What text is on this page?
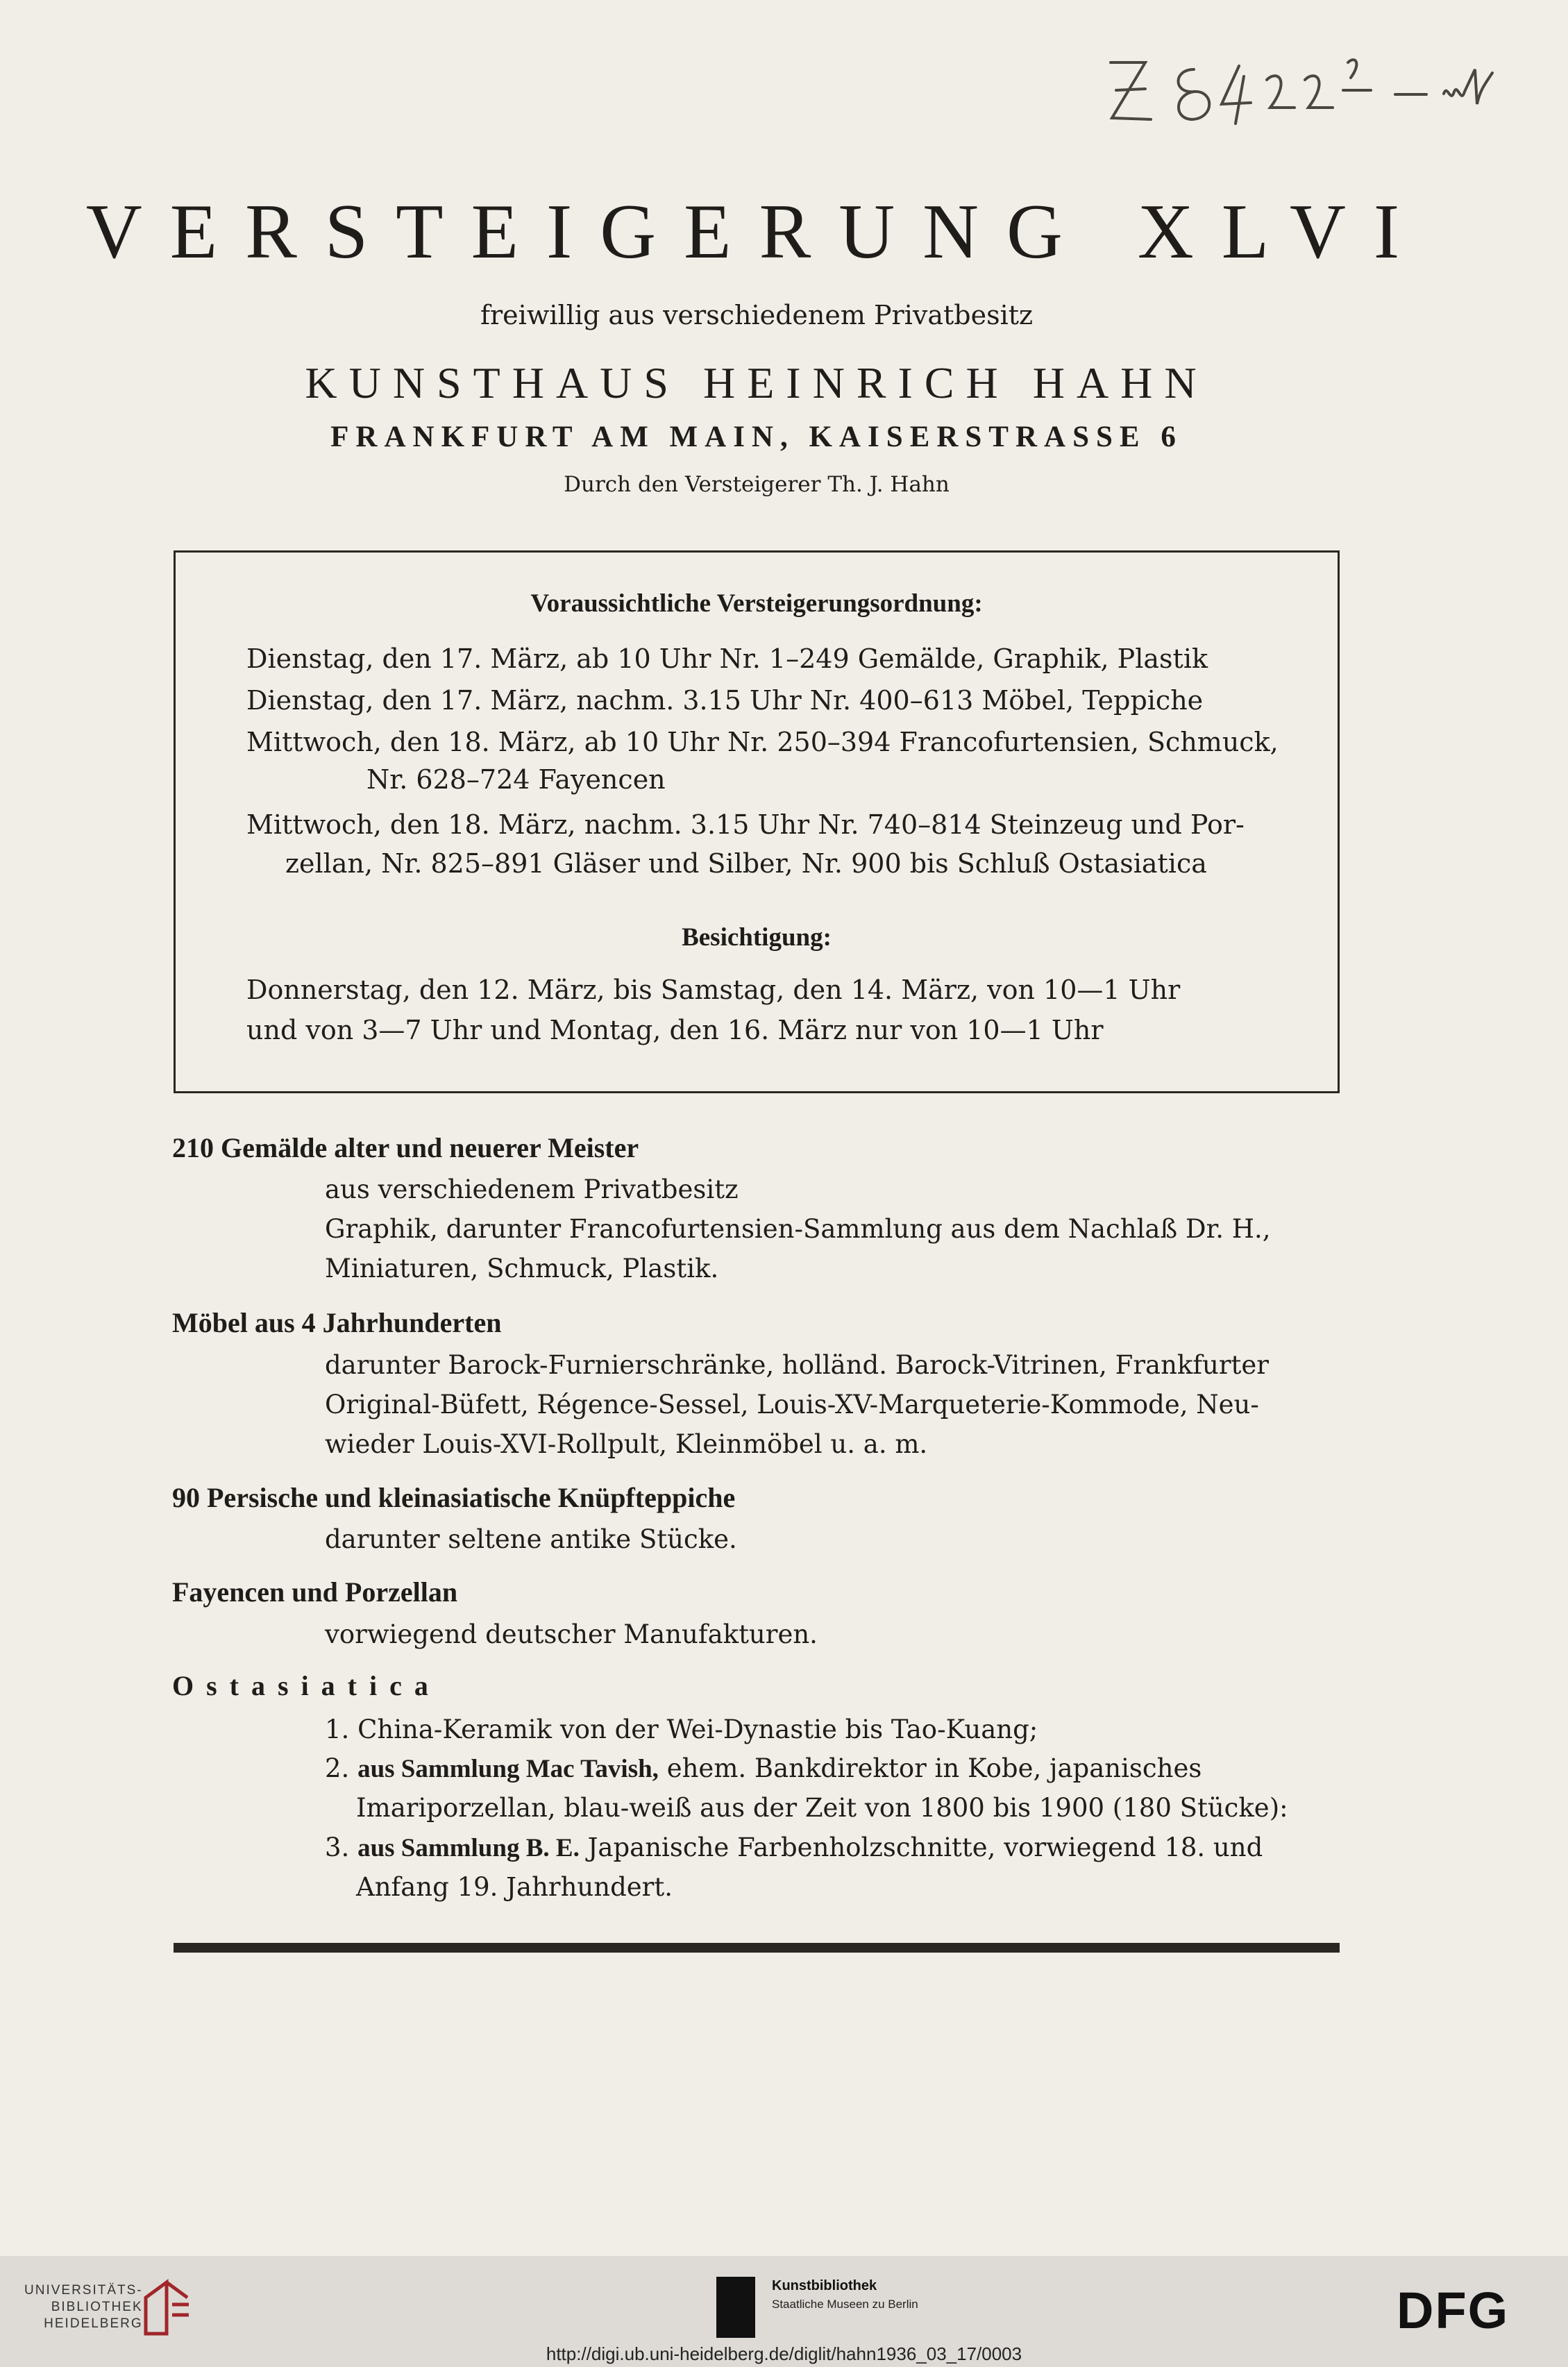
VERSTEIGERUNG XLVI
freiwillig aus verschiedenem Privatbesitz
KUNSTHAUS HEINRICH HAHN
FRANKFURT AM MAIN, KAISERSTRASSE 6
Durch den Versteigerer Th. J. Hahn
Voraussichtliche Versteigerungsordnung:
Dienstag, den 17. März, ab 10 Uhr Nr. 1–249 Gemälde, Graphik, Plastik
Dienstag, den 17. März, nachm. 3.15 Uhr Nr. 400–613 Möbel, Teppiche
Mittwoch, den 18. März, ab 10 Uhr Nr. 250–394 Francofurtensien, Schmuck,
Nr. 628–724 Fayencen
Mittwoch, den 18. März, nachm. 3.15 Uhr Nr. 740–814 Steinzeug und Por-
zellan, Nr. 825–891 Gläser und Silber, Nr. 900 bis Schluß Ostasiatica
Besichtigung:
Donnerstag, den 12. März, bis Samstag, den 14. März, von 10—1 Uhr
und von 3—7 Uhr und Montag, den 16. März nur von 10—1 Uhr
210 Gemälde alter und neuerer Meister
aus verschiedenem Privatbesitz
Graphik, darunter Francofurtensien-Sammlung aus dem Nachlaß Dr. H.,
Miniaturen, Schmuck, Plastik.
Möbel aus 4 Jahrhunderten
darunter Barock-Furnierschränke, holländ. Barock-Vitrinen, Frankfurter
Original-Büfett, Régence-Sessel, Louis-XV-Marqueterie-Kommode, Neu-
wieder Louis-XVI-Rollpult, Kleinmöbel u. a. m.
90 Persische und kleinasiatische Knüpfteppiche
darunter seltene antike Stücke.
Fayencen und Porzellan
vorwiegend deutscher Manufakturen.
Ostasiatica
1. China-Keramik von der Wei-Dynastie bis Tao-Kuang;
2. aus Sammlung Mac Tavish, ehem. Bankdirektor in Kobe, japanisches
Imariporzellan, blau-weiß aus der Zeit von 1800 bis 1900 (180 Stücke):
3. aus Sammlung B. E. Japanische Farbenholzschnitte, vorwiegend 18. und
Anfang 19. Jahrhundert.
UNIVERSITÄTS-
BIBLIOTHEK
HEIDELBERG
Kunstbibliothek
Staatliche Museen zu Berlin	DFG
http://digi.ub.uni-heidelberg.de/diglit/hahn1936_03_17/0003
